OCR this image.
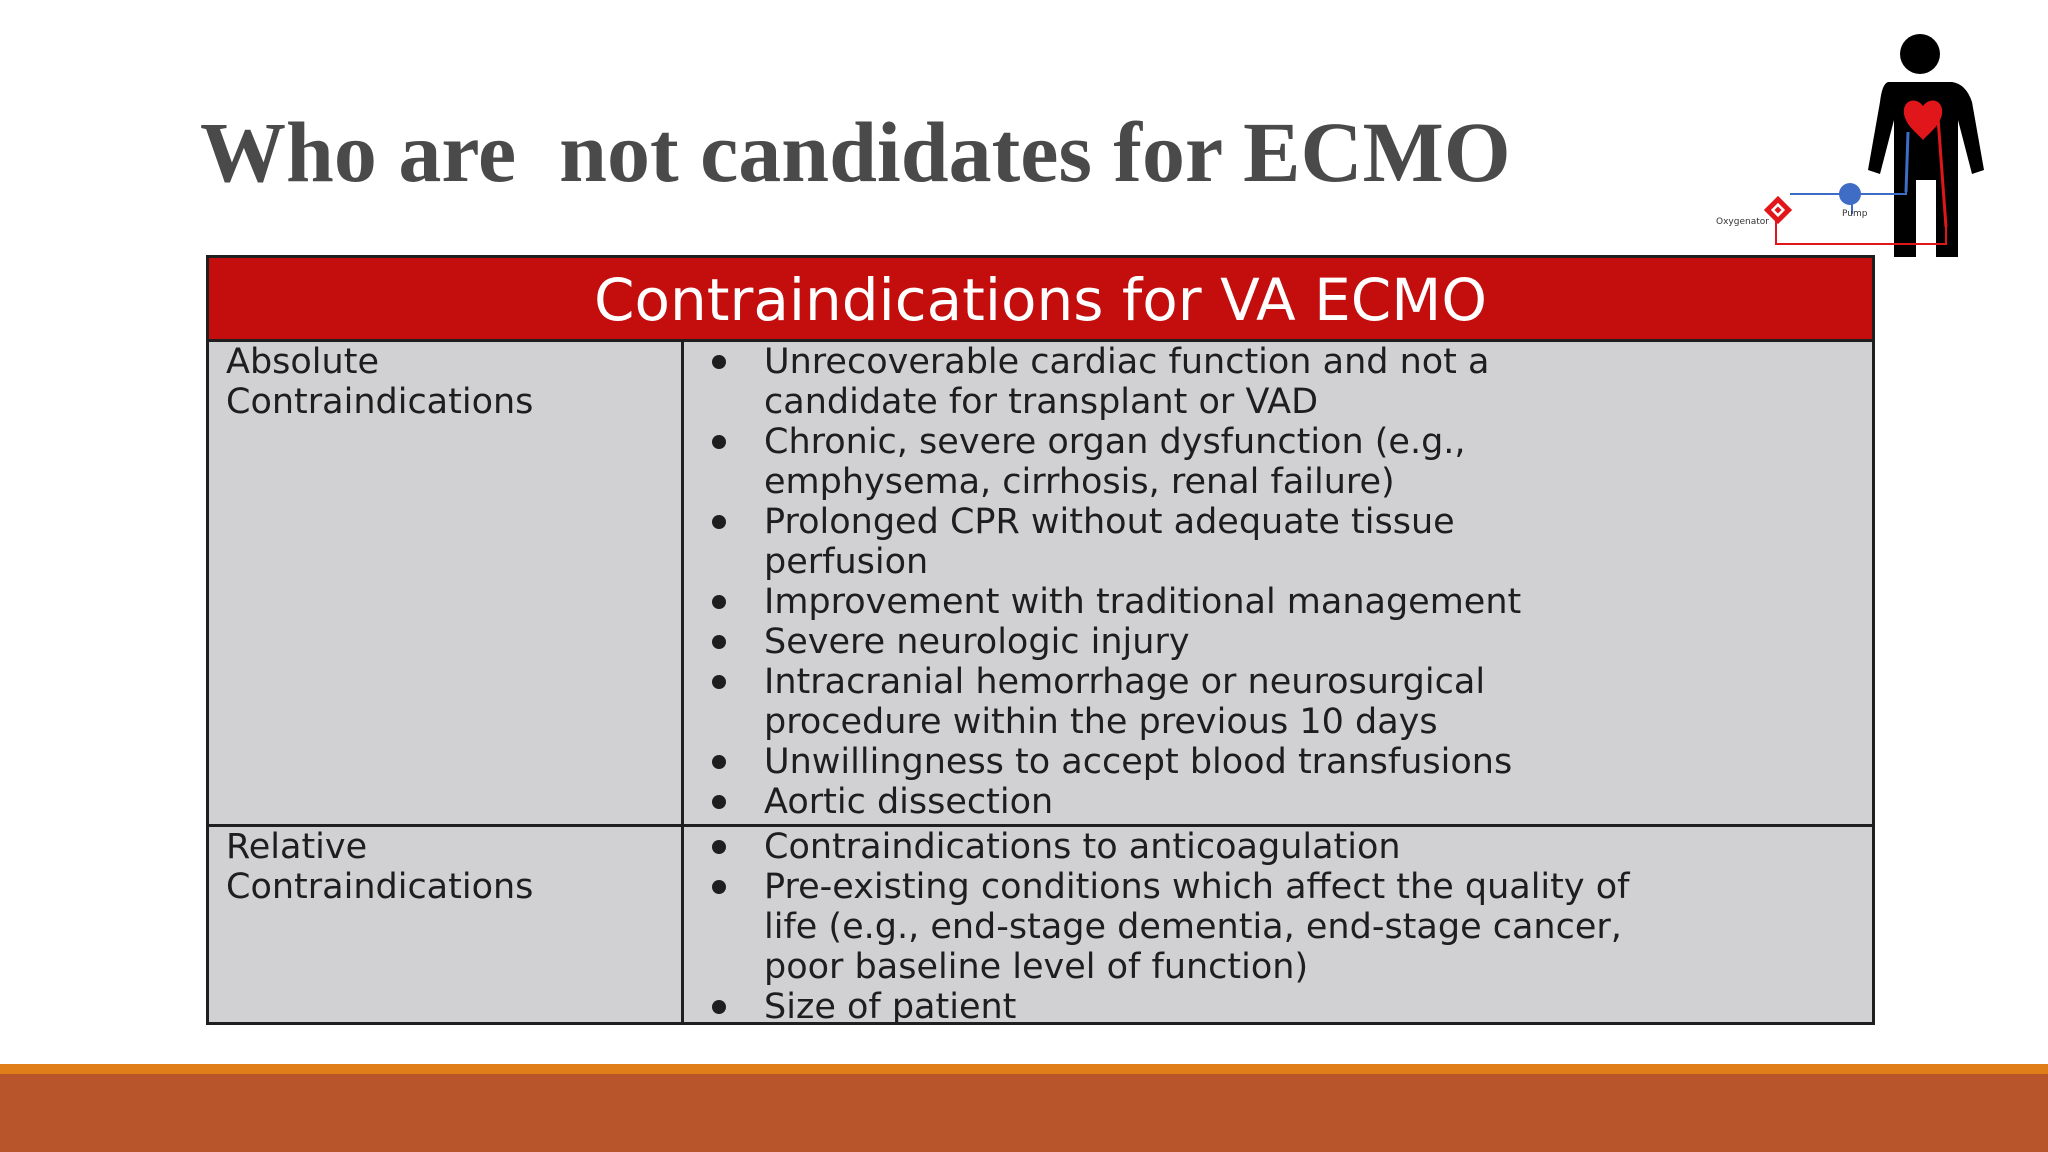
Who are  not candidates for ECMO
Pump
Oxygenator
Contraindications for VA ECMO
Absolute
Contraindications
Unrecoverable cardiac function and not a
candidate for transplant or VAD
Chronic, severe organ dysfunction (e.g.,
emphysema, cirrhosis, renal failure)
Prolonged CPR without adequate tissue
perfusion
Improvement with traditional management
Severe neurologic injury
Intracranial hemorrhage or neurosurgical
procedure within the previous 10 days
Unwillingness to accept blood transfusions
Aortic dissection
Relative
Contraindications
Contraindications to anticoagulation
Pre-existing conditions which affect the quality of
life (e.g., end-stage dementia, end-stage cancer,
poor baseline level of function)
Size of patient
